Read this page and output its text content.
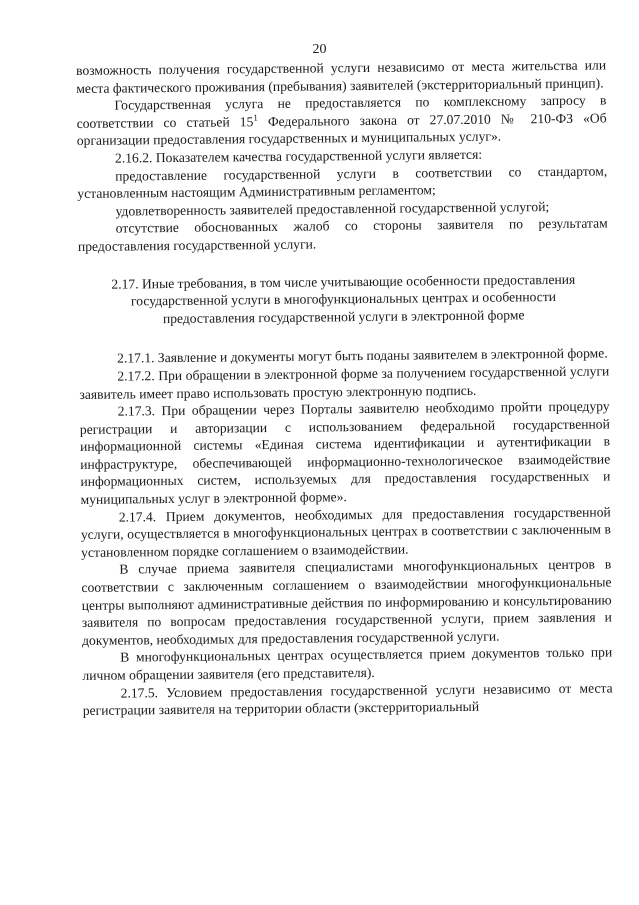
20

возможность получения государственной услуги независимо от места жительства или места фактического проживания (пребывания) заявителей (экстерриториальный принцип).

Государственная услуга не предоставляется по комплексному запросу в соответствии со статьей $15^1$ Федерального закона от 27.07.2010 № 210-ФЗ «Об организации предоставления государственных и муниципальных услуг».

2.16.2. Показателем качества государственной услуги является:

предоставление государственной услуги в соответствии со стандартом, установленным настоящим Административным регламентом;

удовлетворенность заявителей предоставленной государственной услугой;

отсутствие обоснованных жалоб со стороны заявителя по результатам предоставления государственной услуги.

2.17. Иные требования, в том числе учитывающие особенности предоставления государственной услуги в многофункциональных центрах и особенности предоставления государственной услуги в электронной форме

2.17.1. Заявление и документы могут быть поданы заявителем в электронной форме.

2.17.2. При обращении в электронной форме за получением государственной услуги заявитель имеет право использовать простую электронную подпись.

2.17.3. При обращении через Порталы заявителю необходимо пройти процедуру регистрации и авторизации с использованием федеральной государственной информационной системы «Единая система идентификации и аутентификации в инфраструктуре, обеспечивающей информационно-технологическое взаимодействие информационных систем, используемых для предоставления государственных и муниципальных услуг в электронной форме».

2.17.4. Прием документов, необходимых для предоставления государственной услуги, осуществляется в многофункциональных центрах в соответствии с заключенным в установленном порядке соглашением о взаимодействии.

В случае приема заявителя специалистами многофункциональных центров в соответствии с заключенным соглашением о взаимодействии многофункциональные центры выполняют административные действия по информированию и консультированию заявителя по вопросам предоставления государственной услуги, прием заявления и документов, необходимых для предоставления государственной услуги.

В многофункциональных центрах осуществляется прием документов только при личном обращении заявителя (его представителя).

2.17.5. Условием предоставления государственной услуги независимо от места регистрации заявителя на территории области (экстерриториальный
